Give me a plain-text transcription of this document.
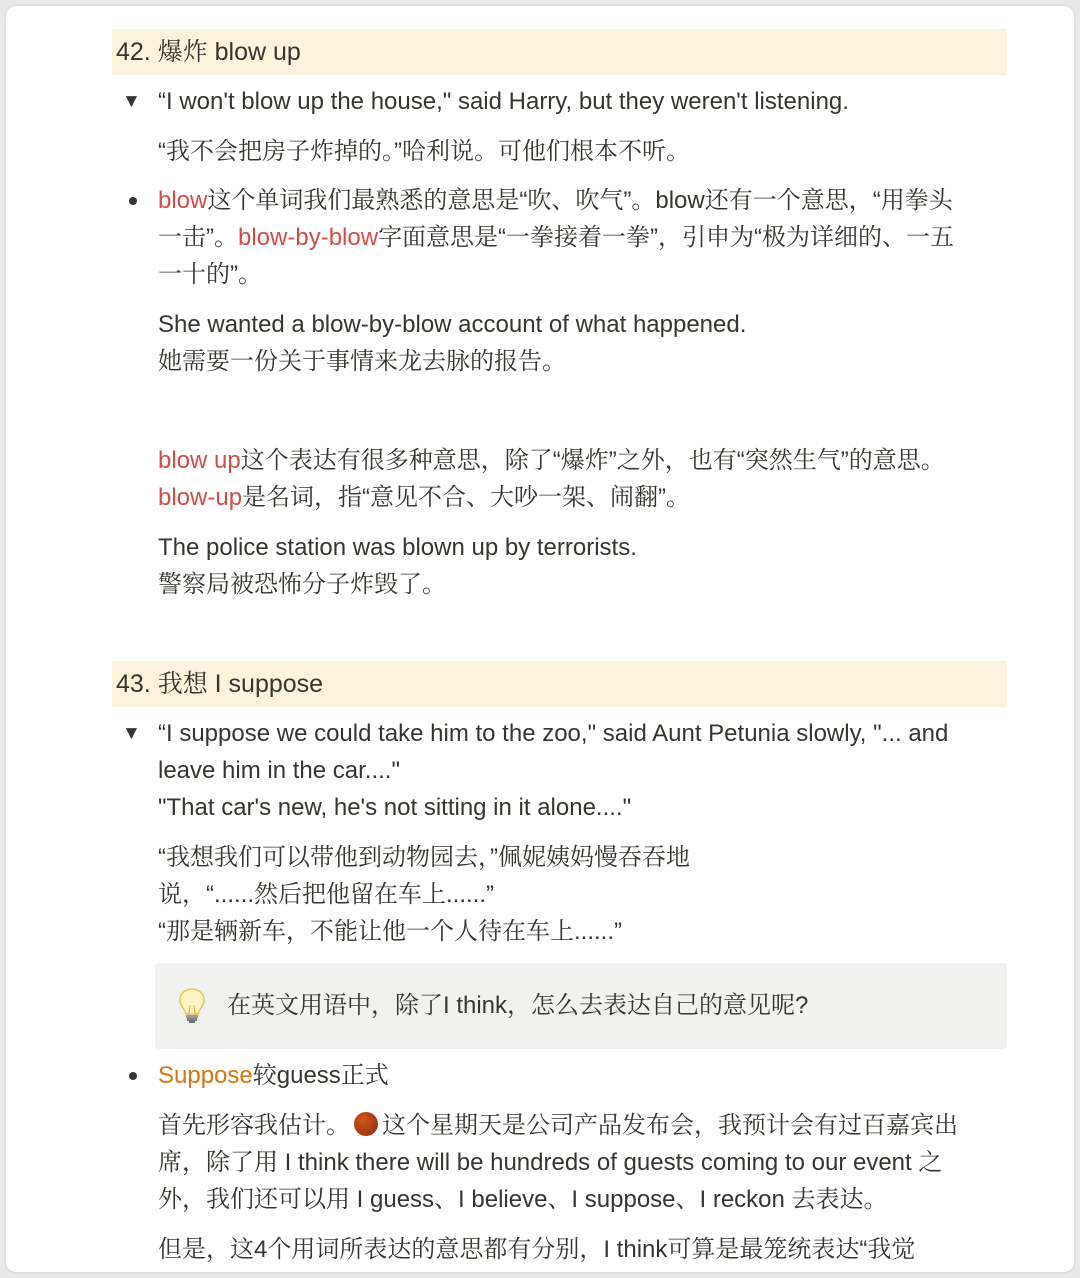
42. 爆炸 blow up
▼ “I won't blow up the house," said Harry, but they weren't listening.
“我不会把房子炸掉的。”哈利说。可他们根本不听。
blow这个单词我们最熟悉的意思是“吹、吹气”。blow还有一个意思，“用拳头
一击”。blow-by-blow字面意思是“一拳接着一拳”，引申为“极为详细的、一五
一十的”。
She wanted a blow-by-blow account of what happened.
她需要一份关于事情来龙去脉的报告。
blow up这个表达有很多种意思，除了“爆炸”之外，也有“突然生气”的意思。
blow-up是名词，指“意见不合、大吵一架、闹翻”。
The police station was blown up by terrorists.
警察局被恐怖分子炸毁了。
43. 我想 I suppose
▼ “I suppose we could take him to the zoo," said Aunt Petunia slowly, "... and
leave him in the car...."
"That car's new, he's not sitting in it alone...."
“我想我们可以带他到动物园去，”佩妮姨妈慢吞吞地
说，“......然后把他留在车上......”
“那是辆新车，不能让他一个人待在车上......”
在英文用语中，除了I think，怎么去表达自己的意见呢?
Suppose较guess正式
首先形容我估计。 这个星期天是公司产品发布会，我预计会有过百嘉宾出
席，除了用 I think there will be hundreds of guests coming to our event 之
外，我们还可以用 I guess、I believe、I suppose、I reckon 去表达。
但是，这4个用词所表达的意思都有分别，I think可算是最笼统表达“我觉
